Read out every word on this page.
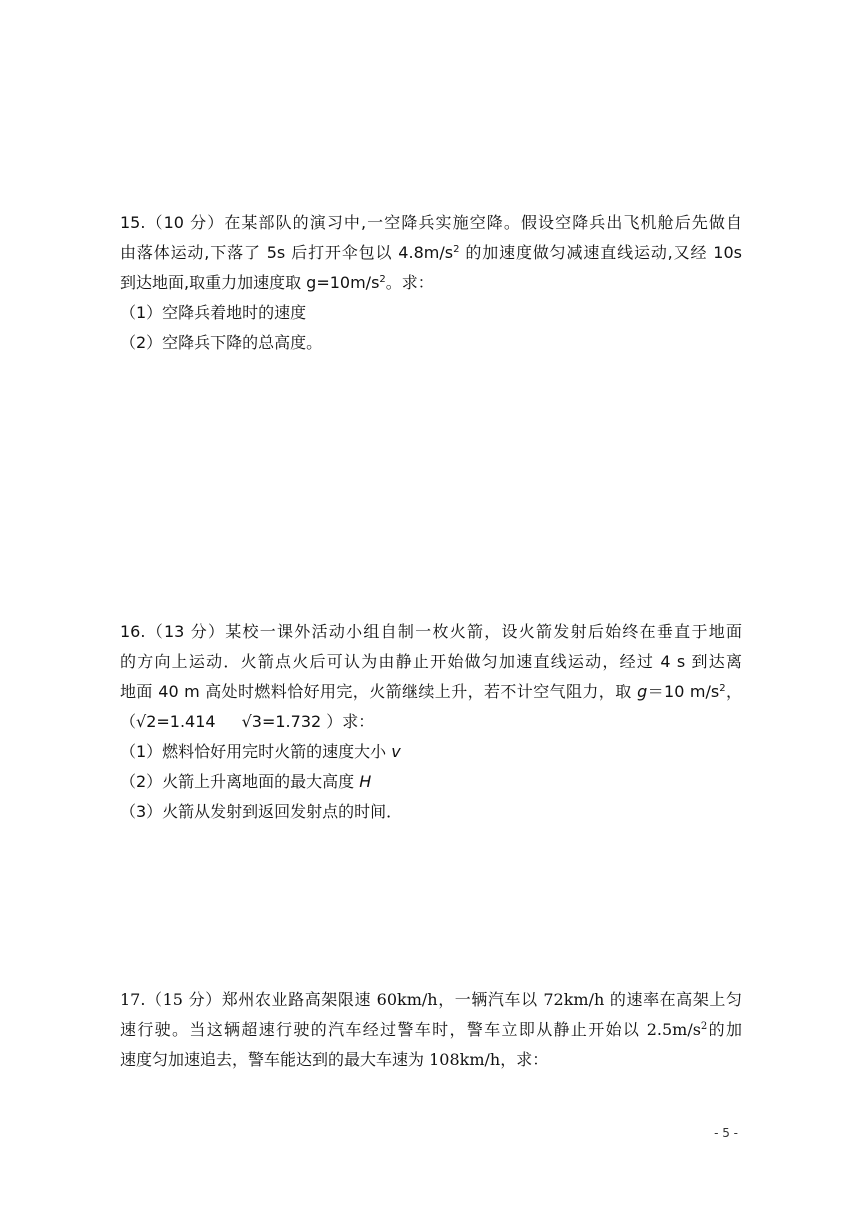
15.（10 分）在某部队的演习中,一空降兵实施空降。假设空降兵出飞机舱后先做自
由落体运动,下落了 5s 后打开伞包以 $4.8m/s^2$ 的加速度做匀减速直线运动,又经 10s
到达地面,取重力加速度取 $g=10m/s^2$。求：
（1）空降兵着地时的速度
（2）空降兵下降的总高度。
16.（13 分）某校一课外活动小组自制一枚火箭，设火箭发射后始终在垂直于地面
的方向上运动．火箭点火后可认为由静止开始做匀加速直线运动，经过 4 s 到达离
地面 40 m 高处时燃料恰好用完，火箭继续上升，若不计空气阻力，取 g＝10 $m/s^2$，
（√2=1.414 √3=1.732 ）求：
（1）燃料恰好用完时火箭的速度大小 v
（2）火箭上升离地面的最大高度 H
（3）火箭从发射到返回发射点的时间．
17.（15 分）郑州农业路高架限速 60km/h，一辆汽车以 72km/h 的速率在高架上匀
速行驶。当这辆超速行驶的汽车经过警车时，警车立即从静止开始以 $2.5m/s^2$的加
速度匀加速追去，警车能达到的最大车速为 108km/h，求：
- 5 -
